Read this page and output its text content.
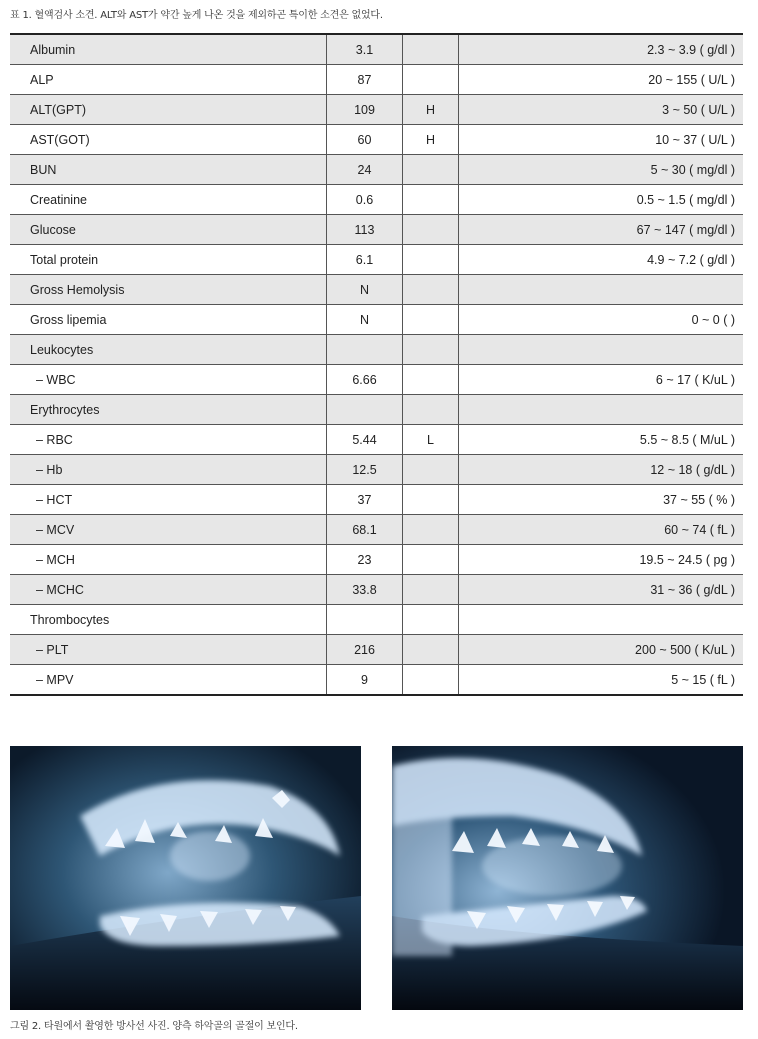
표 1. 혈액검사 소견. ALT와 AST가 약간 높게 나온 것을 제외하곤 특이한 소견은 없었다.
Albumin	3.1		2.3 ~ 3.9 ( g/dl )
ALP	87		20 ~ 155 ( U/L )
ALT(GPT)	109	H	3 ~ 50 ( U/L )
AST(GOT)	60	H	10 ~ 37 ( U/L )
BUN	24		5 ~ 30 ( mg/dl )
Creatinine	0.6		0.5 ~ 1.5 ( mg/dl )
Glucose	113		67 ~ 147 ( mg/dl )
Total protein	6.1		4.9 ~ 7.2 ( g/dl )
Gross Hemolysis	N		
Gross lipemia	N		0 ~ 0 ( )
Leukocytes			
– WBC	6.66		6 ~ 17 ( K/uL )
Erythrocytes			
– RBC	5.44	L	5.5 ~ 8.5 ( M/uL )
– Hb	12.5		12 ~ 18 ( g/dL )
– HCT	37		37 ~ 55 ( % )
– MCV	68.1		60 ~ 74 ( fL )
– MCH	23		19.5 ~ 24.5 ( pg )
– MCHC	33.8		31 ~ 36 ( g/dL )
Thrombocytes			
– PLT	216		200 ~ 500 ( K/uL )
– MPV	9		5 ~ 15 ( fL )
그림 2. 타원에서 촬영한 방사선 사진. 양측 하악골의 골절이 보인다.
